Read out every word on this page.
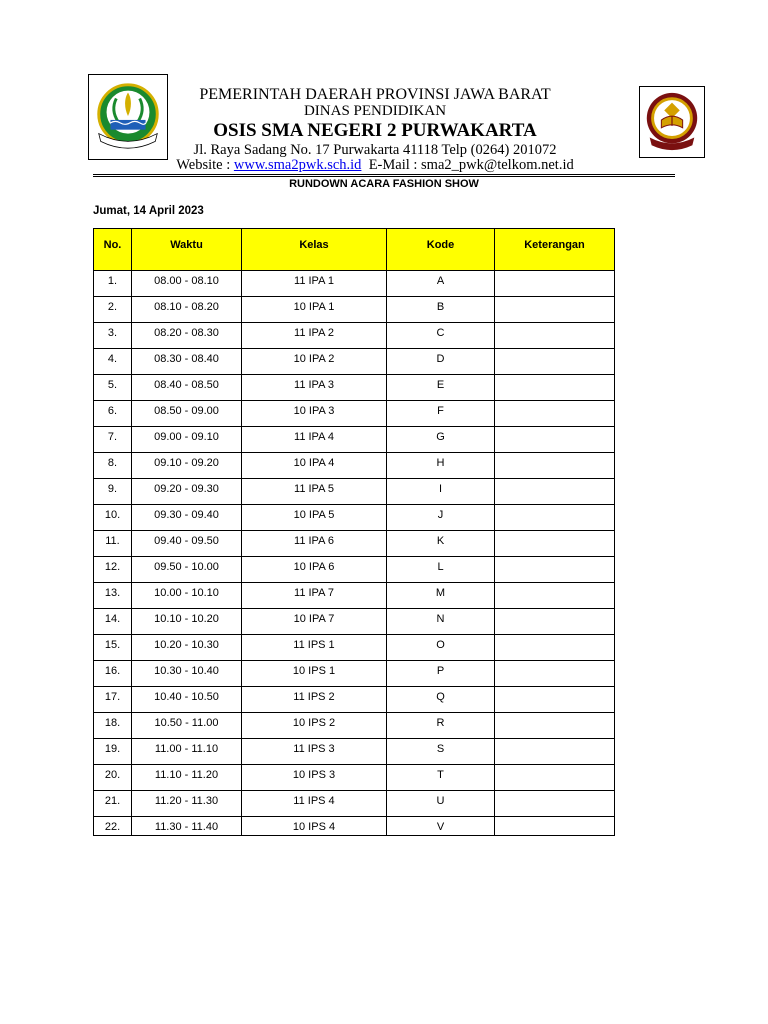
PEMERINTAH DAERAH PROVINSI JAWA BARAT
DINAS PENDIDIKAN
OSIS SMA NEGERI 2 PURWAKARTA
Jl. Raya Sadang No. 17 Purwakarta 41118 Telp (0264) 201072
Website : www.sma2pwk.sch.id  E-Mail : sma2_pwk@telkom.net.id
RUNDOWN ACARA FASHION SHOW
Jumat, 14 April 2023
No.	Waktu	Kelas	Kode	Keterangan
1.	08.00 - 08.10	11 IPA 1	A	
2.	08.10 - 08.20	10 IPA 1	B	
3.	08.20 - 08.30	11 IPA 2	C	
4.	08.30 - 08.40	10 IPA 2	D	
5.	08.40 - 08.50	11 IPA 3	E	
6.	08.50 - 09.00	10 IPA 3	F	
7.	09.00 - 09.10	11 IPA 4	G	
8.	09.10 - 09.20	10 IPA 4	H	
9.	09.20 - 09.30	11 IPA 5	I	
10.	09.30 - 09.40	10 IPA 5	J	
11.	09.40 - 09.50	11 IPA 6	K	
12.	09.50 - 10.00	10 IPA 6	L	
13.	10.00 - 10.10	11 IPA 7	M	
14.	10.10 - 10.20	10 IPA 7	N	
15.	10.20 - 10.30	11 IPS 1	O	
16.	10.30 - 10.40	10 IPS 1	P	
17.	10.40 - 10.50	11 IPS 2	Q	
18.	10.50 - 11.00	10 IPS 2	R	
19.	11.00 - 11.10	11 IPS 3	S	
20.	11.10 - 11.20	10 IPS 3	T	
21.	11.20 - 11.30	11 IPS 4	U	
22.	11.30 - 11.40	10 IPS 4	V	
